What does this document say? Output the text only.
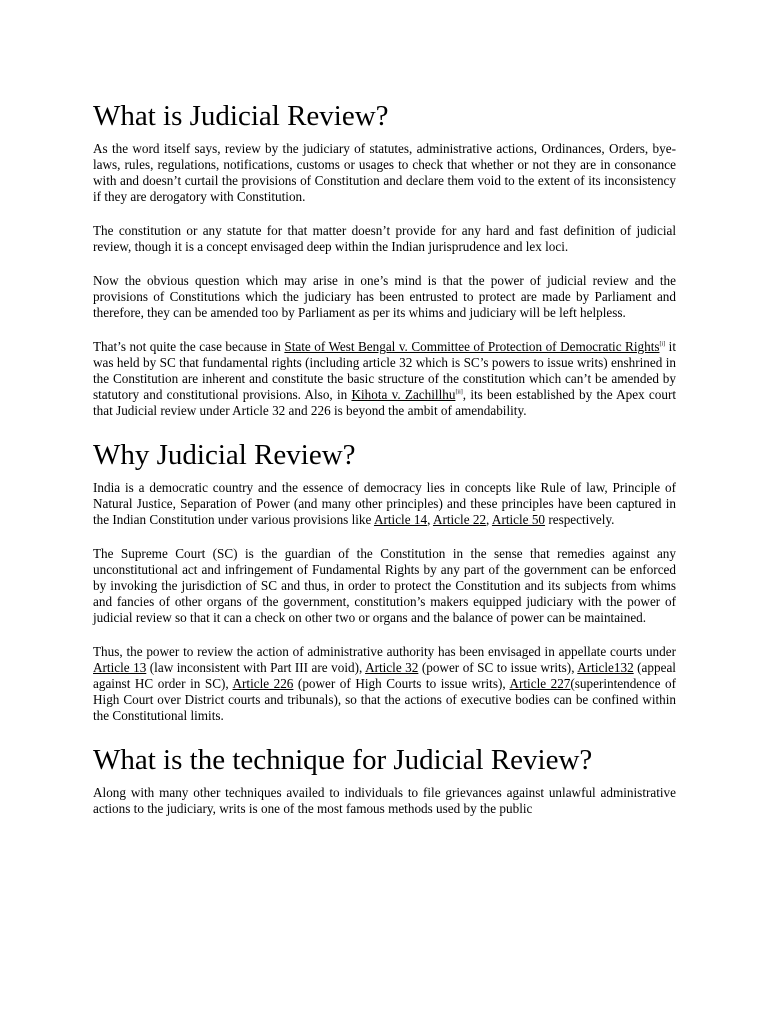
What is Judicial Review?

As the word itself says, review by the judiciary of statutes, administrative actions, Ordinances, Orders, bye-laws, rules, regulations, notifications, customs or usages to check that whether or not they are in consonance with and doesn’t curtail the provisions of Constitution and declare them void to the extent of its inconsistency if they are derogatory with Constitution.

The constitution or any statute for that matter doesn’t provide for any hard and fast definition of judicial review, though it is a concept envisaged deep within the Indian jurisprudence and lex loci.

Now the obvious question which may arise in one’s mind is that the power of judicial review and the provisions of Constitutions which the judiciary has been entrusted to protect are made by Parliament and therefore, they can be amended too by Parliament as per its whims and judiciary will be left helpless.

That’s not quite the case because in State of West Bengal v. Committee of Protection of Democratic Rights[i] it was held by SC that fundamental rights (including article 32 which is SC’s powers to issue writs) enshrined in the Constitution are inherent and constitute the basic structure of the constitution which can’t be amended by statutory and constitutional provisions. Also, in Kihota v. Zachillhu[ii], its been established by the Apex court that Judicial review under Article 32 and 226 is beyond the ambit of amendability.

Why Judicial Review?

India is a democratic country and the essence of democracy lies in concepts like Rule of law, Principle of Natural Justice, Separation of Power (and many other principles) and these principles have been captured in the Indian Constitution under various provisions like Article 14, Article 22, Article 50 respectively.

The Supreme Court (SC) is the guardian of the Constitution in the sense that remedies against any unconstitutional act and infringement of Fundamental Rights by any part of the government can be enforced by invoking the jurisdiction of SC and thus, in order to protect the Constitution and its subjects from whims and fancies of other organs of the government, constitution’s makers equipped judiciary with the power of judicial review so that it can a check on other two or organs and the balance of power can be maintained.

Thus, the power to review the action of administrative authority has been envisaged in appellate courts under Article 13 (law inconsistent with Part III are void), Article 32 (power of SC to issue writs), Article132 (appeal against HC order in SC), Article 226 (power of High Courts to issue writs), Article 227(superintendence of High Court over District courts and tribunals), so that the actions of executive bodies can be confined within the Constitutional limits.

What is the technique for Judicial Review?

Along with many other techniques availed to individuals to file grievances against unlawful administrative actions to the judiciary, writs is one of the most famous methods used by the public
